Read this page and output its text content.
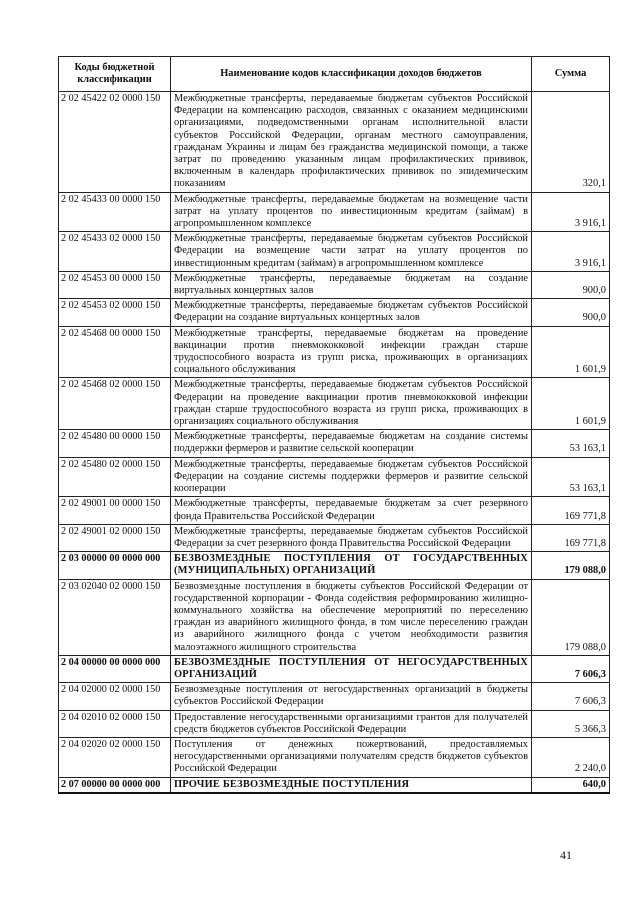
Коды бюджетной классификации	Наименование кодов классификации доходов бюджетов	Сумма
2 02 45422 02 0000 150	Межбюджетные трансферты, передаваемые бюджетам субъектов Российской Федерации на компенсацию расходов, связанных с оказанием медицинскими организациями, подведомственными органам исполнительной власти субъектов Российской Федерации, органам местного самоуправления, гражданам Украины и лицам без гражданства медицинской помощи, а также затрат по проведению указанным лицам профилактических прививок, включенным в календарь профилактических прививок по эпидемическим показаниям	320,1
2 02 45433 00 0000 150	Межбюджетные трансферты, передаваемые бюджетам на возмещение части затрат на уплату процентов по инвестиционным кредитам (займам) в агропромышленном комплексе	3 916,1
2 02 45433 02 0000 150	Межбюджетные трансферты, передаваемые бюджетам субъектов Российской Федерации на возмещение части затрат на уплату процентов по инвестиционным кредитам (займам) в агропромышленном комплексе	3 916,1
2 02 45453 00 0000 150	Межбюджетные трансферты, передаваемые бюджетам на создание виртуальных концертных залов	900,0
2 02 45453 02 0000 150	Межбюджетные трансферты, передаваемые бюджетам субъектов Российской Федерации на создание виртуальных концертных залов	900,0
2 02 45468 00 0000 150	Межбюджетные трансферты, передаваемые бюджетам на проведение вакцинации против пневмококковой инфекции граждан старше трудоспособного возраста из групп риска, проживающих в организациях социального обслуживания	1 601,9
2 02 45468 02 0000 150	Межбюджетные трансферты, передаваемые бюджетам субъектов Российской Федерации на проведение вакцинации против пневмококковой инфекции граждан старше трудоспособного возраста из групп риска, проживающих в организациях социального обслуживания	1 601,9
2 02 45480 00 0000 150	Межбюджетные трансферты, передаваемые бюджетам на создание системы поддержки фермеров и развитие сельской кооперации	53 163,1
2 02 45480 02 0000 150	Межбюджетные трансферты, передаваемые бюджетам субъектов Российской Федерации на создание системы поддержки фермеров и развитие сельской кооперации	53 163,1
2 02 49001 00 0000 150	Межбюджетные трансферты, передаваемые бюджетам за счет резервного фонда Правительства Российской Федерации	169 771,8
2 02 49001 02 0000 150	Межбюджетные трансферты, передаваемые бюджетам субъектов Российской Федерации за счет резервного фонда Правительства Российской Федерации	169 771,8
2 03 00000 00 0000 000	БЕЗВОЗМЕЗДНЫЕ ПОСТУПЛЕНИЯ ОТ ГОСУДАРСТВЕННЫХ (МУНИЦИПАЛЬНЫХ) ОРГАНИЗАЦИЙ	179 088,0
2 03 02040 02 0000 150	Безвозмездные поступления в бюджеты субъектов Российской Федерации от государственной корпорации - Фонда содействия реформированию жилищно-коммунального хозяйства на обеспечение мероприятий по переселению граждан из аварийного жилищного фонда, в том числе переселению граждан из аварийного жилищного фонда с учетом необходимости развития малоэтажного жилищного строительства	179 088,0
2 04 00000 00 0000 000	БЕЗВОЗМЕЗДНЫЕ ПОСТУПЛЕНИЯ ОТ НЕГОСУДАРСТВЕННЫХ ОРГАНИЗАЦИЙ	7 606,3
2 04 02000 02 0000 150	Безвозмездные поступления от негосударственных организаций в бюджеты субъектов Российской Федерации	7 606,3
2 04 02010 02 0000 150	Предоставление негосударственными организациями грантов для получателей средств бюджетов субъектов Российской Федерации	5 366,3
2 04 02020 02 0000 150	Поступления от денежных пожертвований, предоставляемых негосударственными организациями получателям средств бюджетов субъектов Российской Федерации	2 240,0
2 07 00000 00 0000 000	ПРОЧИЕ БЕЗВОЗМЕЗДНЫЕ ПОСТУПЛЕНИЯ	640,0
41
